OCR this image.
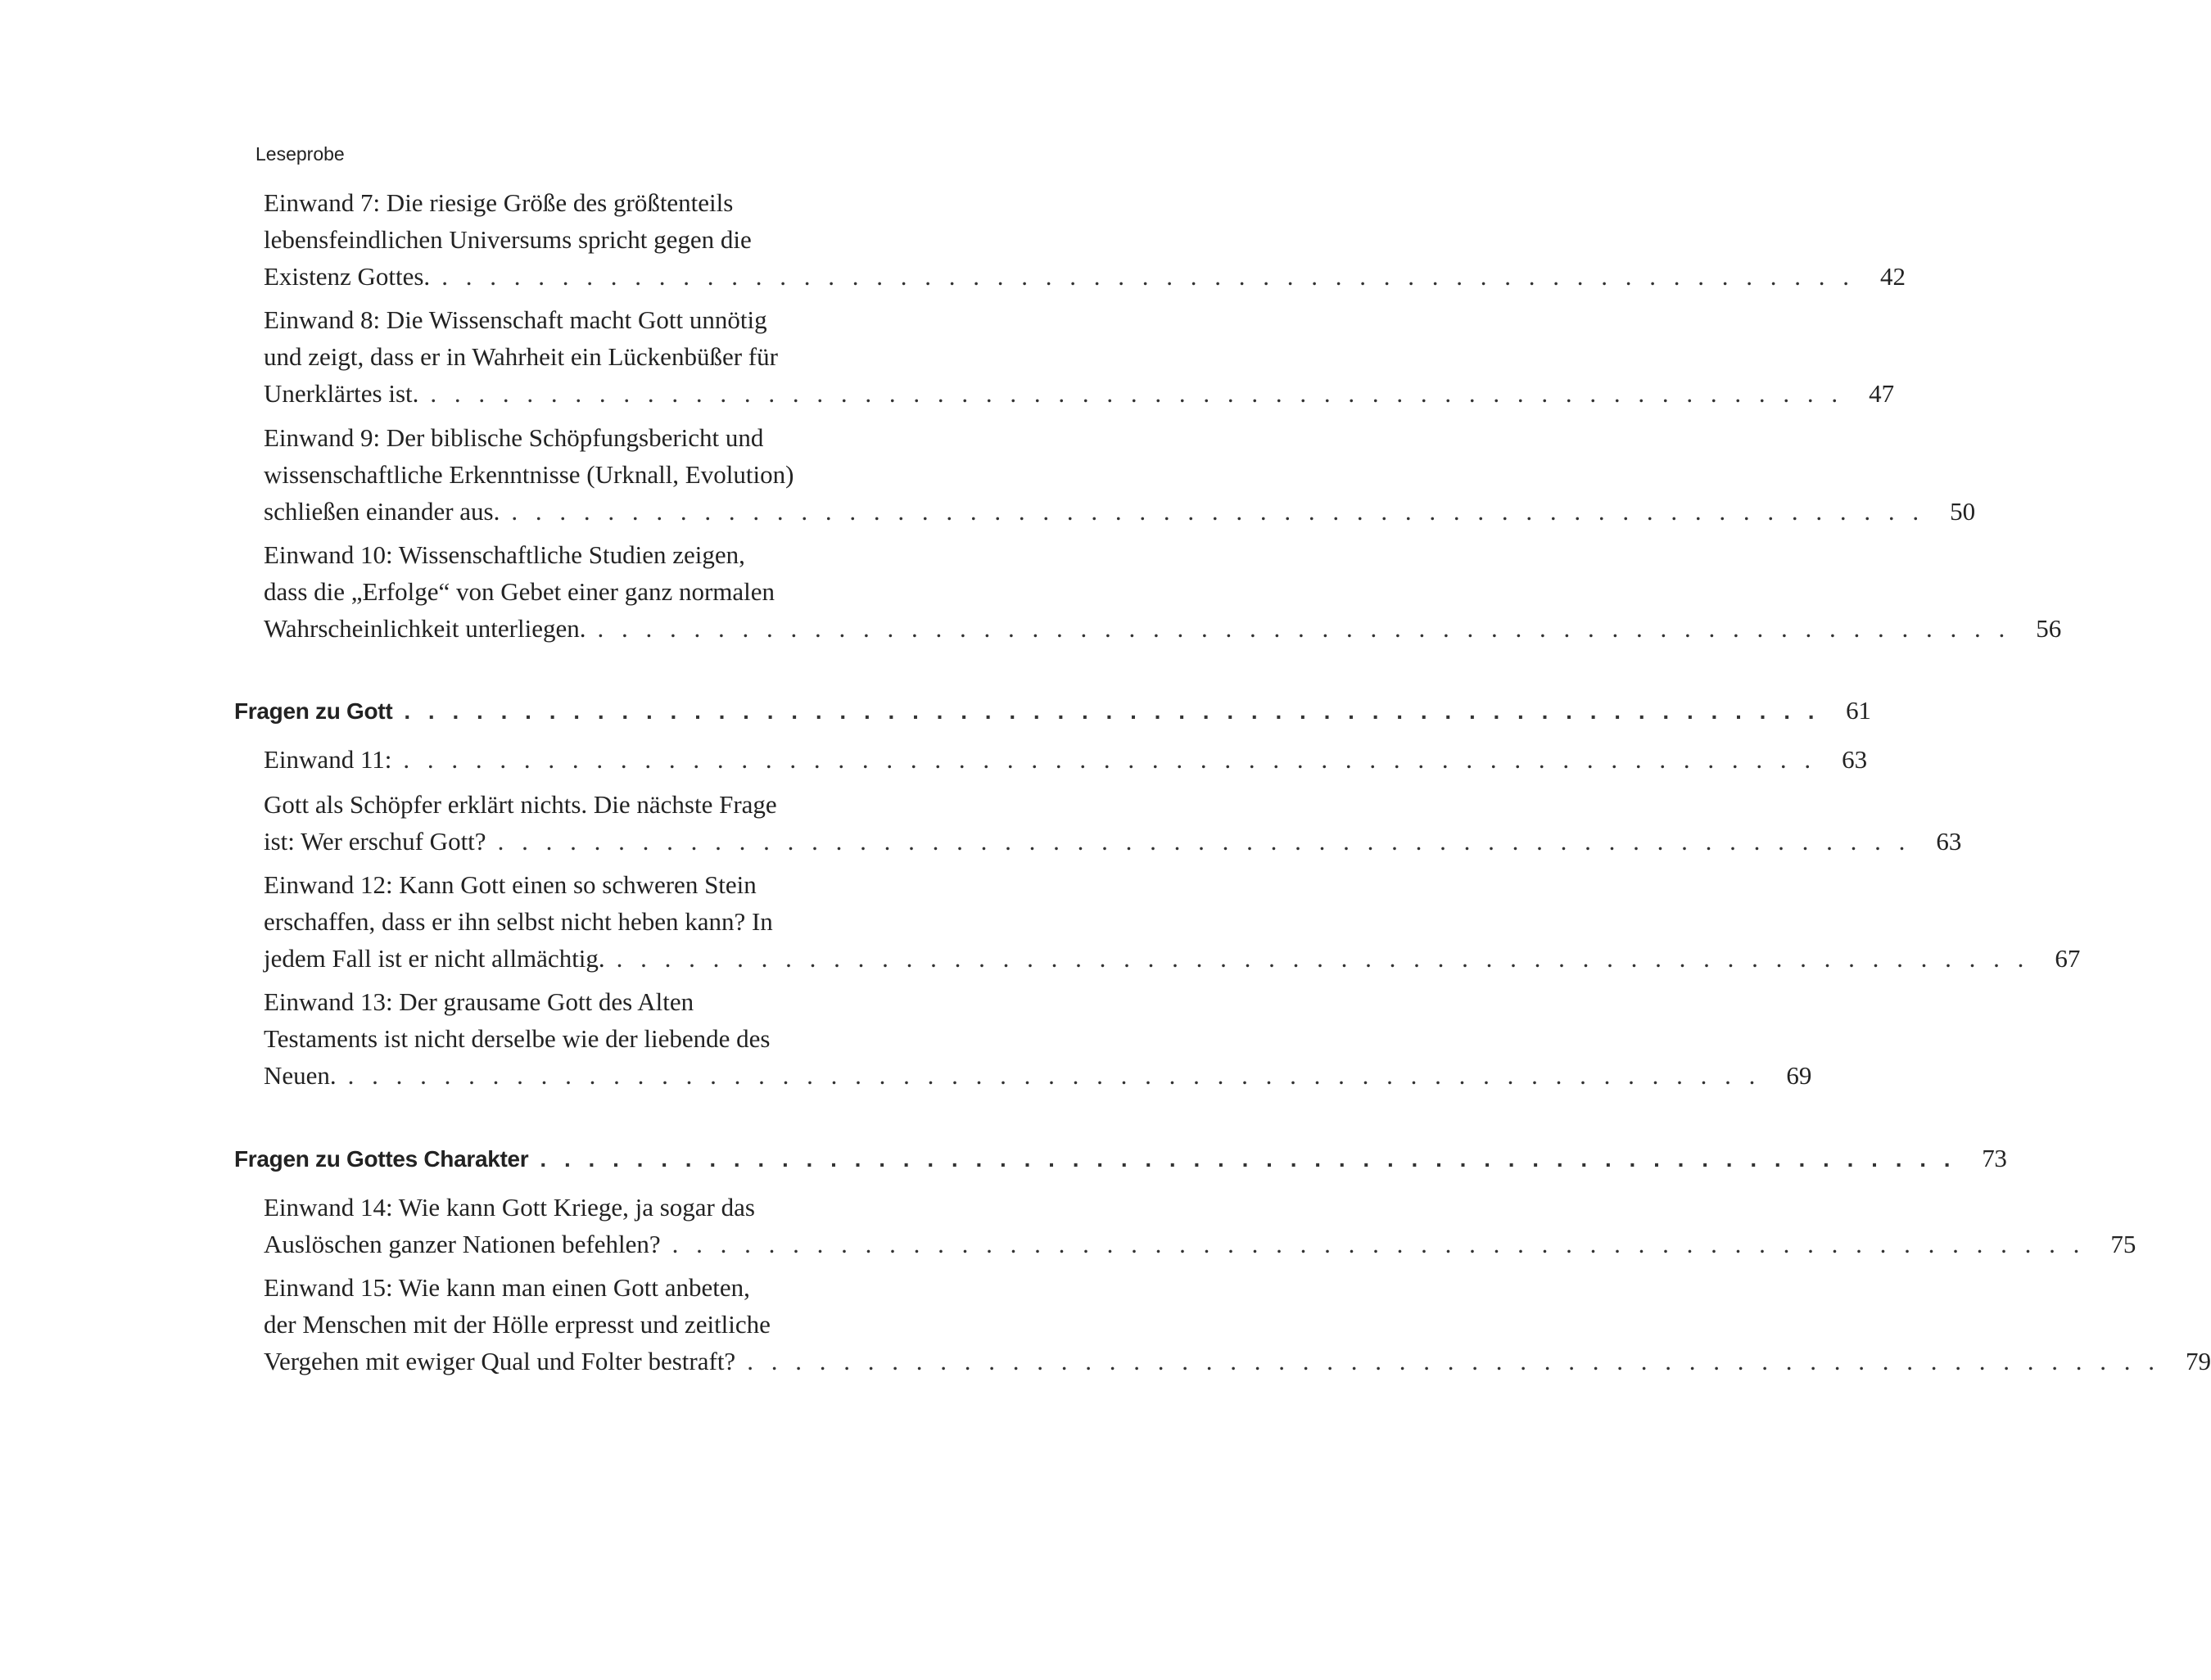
Leseprobe
Einwand 7: Die riesige Größe des größtenteils
lebensfeindlichen Universums spricht gegen die
Existenz Gottes. . . . . . . . . . . . . . . . . . . . . . . . . . . . . . . . . . . . . . . . . . . . . . . . . . . . . . . . . . . .	42
Einwand 8: Die Wissenschaft macht Gott unnötig
und zeigt, dass er in Wahrheit ein Lückenbüßer für
Unerklärtes ist. . . . . . . . . . . . . . . . . . . . . . . . . . . . . . . . . . . . . . . . . . . . . . . . . . . . . . . . . . . .	47
Einwand 9: Der biblische Schöpfungsbericht und
wissenschaftliche Erkenntnisse (Urknall, Evolution)
schließen einander aus. . . . . . . . . . . . . . . . . . . . . . . . . . . . . . . . . . . . . . . . . . . . . . . . . . . . . . . . . . . .	50
Einwand 10: Wissenschaftliche Studien zeigen,
dass die „Erfolge“ von Gebet einer ganz normalen
Wahrscheinlichkeit unterliegen. . . . . . . . . . . . . . . . . . . . . . . . . . . . . . . . . . . . . . . . . . . . . . . . . . . . . . . . . . . .	56
Fragen zu Gott . . . . . . . . . . . . . . . . . . . . . . . . . . . . . . . . . . . . . . . . . . . . . . . . . . . . . . . . . . .	61
Einwand 11: . . . . . . . . . . . . . . . . . . . . . . . . . . . . . . . . . . . . . . . . . . . . . . . . . . . . . . . . . . .	63
Gott als Schöpfer erklärt nichts. Die nächste Frage
ist: Wer erschuf Gott? . . . . . . . . . . . . . . . . . . . . . . . . . . . . . . . . . . . . . . . . . . . . . . . . . . . . . . . . . . .	63
Einwand 12: Kann Gott einen so schweren Stein
erschaffen, dass er ihn selbst nicht heben kann? In
jedem Fall ist er nicht allmächtig. . . . . . . . . . . . . . . . . . . . . . . . . . . . . . . . . . . . . . . . . . . . . . . . . . . . . . . . . . . .	67
Einwand 13: Der grausame Gott des Alten
Testaments ist nicht derselbe wie der liebende des
Neuen. . . . . . . . . . . . . . . . . . . . . . . . . . . . . . . . . . . . . . . . . . . . . . . . . . . . . . . . . . . .	69
Fragen zu Gottes Charakter . . . . . . . . . . . . . . . . . . . . . . . . . . . . . . . . . . . . . . . . . . . . . . . . . . . . . . . . . . .	73
Einwand 14: Wie kann Gott Kriege, ja sogar das
Auslöschen ganzer Nationen befehlen? . . . . . . . . . . . . . . . . . . . . . . . . . . . . . . . . . . . . . . . . . . . . . . . . . . . . . . . . . . .	75
Einwand 15: Wie kann man einen Gott anbeten,
der Menschen mit der Hölle erpresst und zeitliche
Vergehen mit ewiger Qual und Folter bestraft? . . . . . . . . . . . . . . . . . . . . . . . . . . . . . . . . . . . . . . . . . . . . . . . . . . . . . . . . . . .	79
